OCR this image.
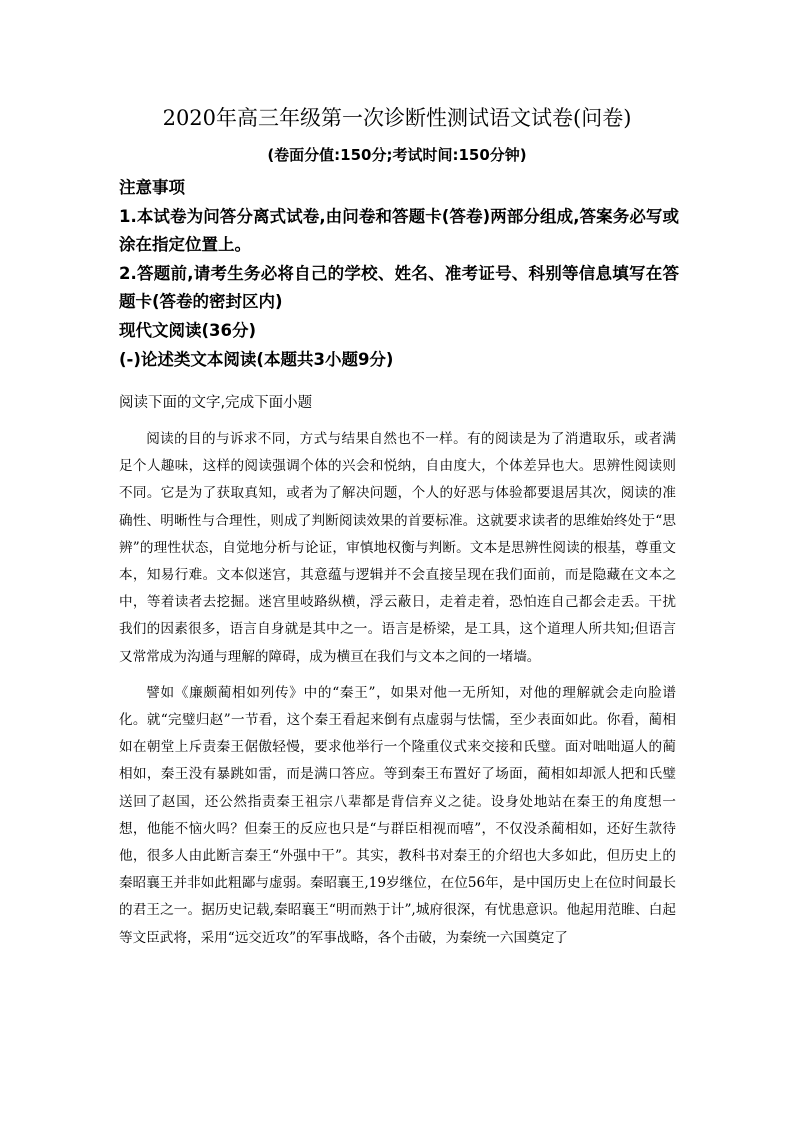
2020年高三年级第一次诊断性测试语文试卷(问卷)
(卷面分值:150分;考试时间:150分钟)

注意事项

1.本试卷为问答分离式试卷,由问卷和答题卡(答卷)两部分组成,答案务必写或涂在指定位置上。

2.答题前,请考生务必将自己的学校、姓名、准考证号、科别等信息填写在答题卡(答卷的密封区内)

现代文阅读(36分)

(-)论述类文本阅读(本题共3小题9分)

阅读下面的文字,完成下面小题

阅读的目的与诉求不同，方式与结果自然也不一样。有的阅读是为了消遣取乐，或者满足个人趣味，这样的阅读强调个体的兴会和悦纳，自由度大，个体差异也大。思辨性阅读则不同。它是为了获取真知，或者为了解决问题，个人的好恶与体验都要退居其次，阅读的准确性、明晰性与合理性，则成了判断阅读效果的首要标准。这就要求读者的思维始终处于“思辨”的理性状态，自觉地分析与论证，审慎地权衡与判断。文本是思辨性阅读的根基，尊重文本，知易行难。文本似迷宫，其意蕴与逻辑并不会直接呈现在我们面前，而是隐藏在文本之中，等着读者去挖掘。迷宫里岐路纵横，浮云蔽日，走着走着，恐怕连自己都会走丢。干扰我们的因素很多，语言自身就是其中之一。语言是桥梁，是工具，这个道理人所共知;但语言又常常成为沟通与理解的障碍，成为横亘在我们与文本之间的一堵墙。

譬如《廉颇蔺相如列传》中的“秦王”，如果对他一无所知，对他的理解就会走向脸谱化。就“完璧归赵”一节看，这个秦王看起来倒有点虚弱与怯懦，至少表面如此。你看，蔺相如在朝堂上斥责秦王倨傲轻慢，要求他举行一个隆重仪式来交接和氏璧。面对咄咄逼人的蔺相如，秦王没有暴跳如雷，而是满口答应。等到秦王布置好了场面，蔺相如却派人把和氏璧送回了赵国，还公然指责秦王祖宗八辈都是背信弃义之徒。设身处地站在秦王的角度想一想，他能不恼火吗？但秦王的反应也只是“与群臣相视而嘻”，不仅没杀蔺相如，还好生款待他，很多人由此断言秦王“外强中干”。其实，教科书对秦王的介绍也大多如此，但历史上的秦昭襄王并非如此粗鄙与虚弱。秦昭襄王,19岁继位，在位56年，是中国历史上在位时间最长的君王之一。据历史记载,秦昭襄王“明而熟于计”,城府很深，有忧患意识。他起用范睢、白起等文臣武将，采用“远交近攻”的军事战略，各个击破，为秦统一六国奠定了
